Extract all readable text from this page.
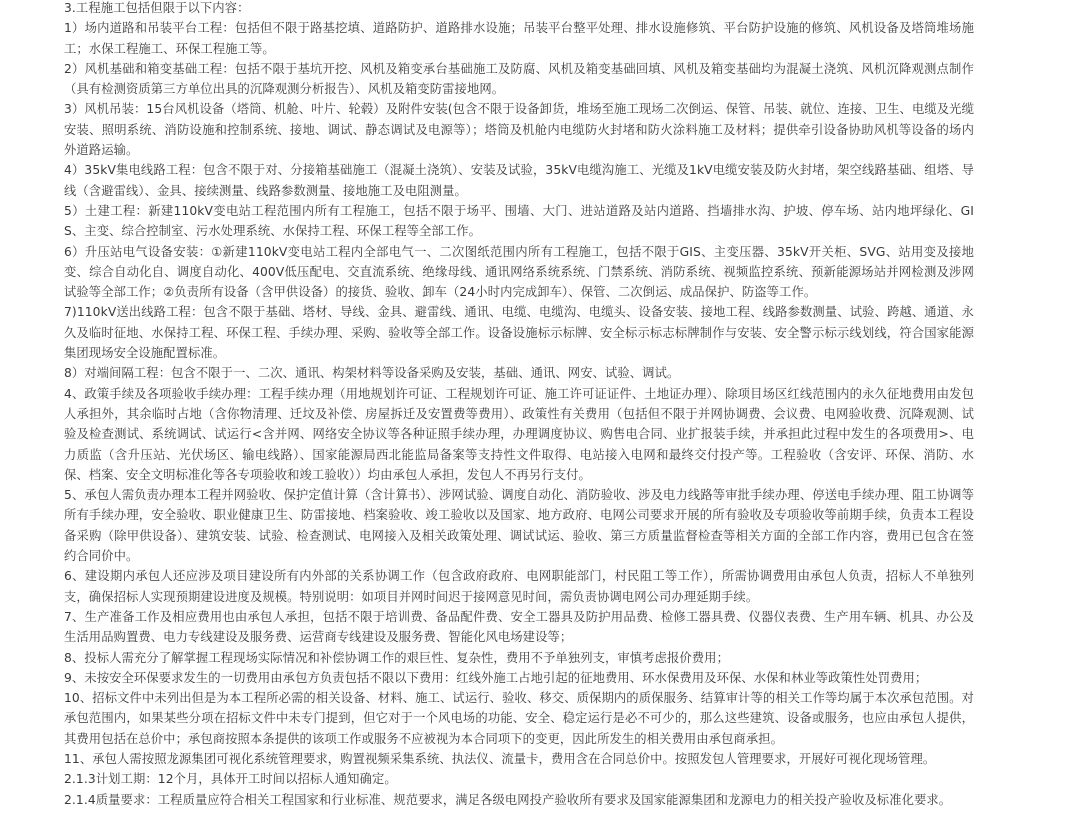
3.工程施工包括但限于以下内容：

1）场内道路和吊装平台工程：包括但不限于路基挖填、道路防护、道路排水设施；吊装平台整平处理、排水设施修筑、平台防护设施的修筑、风机设备及塔筒堆场施工；水保工程施工、环保工程施工等。

2）风机基础和箱变基础工程：包括不限于基坑开挖、风机及箱变承台基础施工及防腐、风机及箱变基础回填、风机及箱变基础均为混凝土浇筑、风机沉降观测点制作（具有检测资质第三方单位出具的沉降观测分析报告）、风机及箱变防雷接地网。

3）风机吊装：15台风机设备（塔筒、机舱、叶片、轮毂）及附件安装(包含不限于设备卸货，堆场至施工现场二次倒运、保管、吊装、就位、连接、卫生、电缆及光缆安装、照明系统、消防设施和控制系统、接地、调试、静态调试及电源等）；塔筒及机舱内电缆防火封堵和防火涂料施工及材料；提供牵引设备协助风机等设备的场内外道路运输。

4）35kV集电线路工程：包含不限于对、分接箱基础施工（混凝土浇筑）、安装及试验，35kV电缆沟施工、光缆及1kV电缆安装及防火封堵，架空线路基础、组塔、导线（含避雷线）、金具、接续测量、线路参数测量、接地施工及电阻测量。

5）土建工程：新建110kV变电站工程范围内所有工程施工，包括不限于场平、围墙、大门、进站道路及站内道路、挡墙排水沟、护坡、停车场、站内地坪绿化、GIS、主变、综合控制室、污水处理系统、水保持工程、环保工程等全部工作。

6）升压站电气设备安装：①新建110kV变电站工程内全部电气一、二次图纸范围内所有工程施工，包括不限于GIS、主变压器、35kV开关柜、SVG、站用变及接地变、综合自动化自、调度自动化、400V低压配电、交直流系统、绝缘母线、通讯网络系统系统、门禁系统、消防系统、视频监控系统、预新能源场站并网检测及涉网试验等全部工作；②负责所有设备（含甲供设备）的接货、验收、卸车（24小时内完成卸车）、保管、二次倒运、成品保护、防盗等工作。

7)110kV送出线路工程：包含不限于基础、塔材、导线、金具、避雷线、通讯、电缆、电缆沟、电缆头、设备安装、接地工程、线路参数测量、试验、跨越、通道、永久及临时征地、水保持工程、环保工程、手续办理、采购、验收等全部工作。设备设施标示标牌、安全标示标志标牌制作与安装、安全警示标示线划线，符合国家能源集团现场安全设施配置标准。

8）对端间隔工程：包含不限于一、二次、通讯、构架材料等设备采购及安装，基础、通讯、网安、试验、调试。

4、政策手续及各项验收手续办理：工程手续办理（用地规划许可证、工程规划许可证、施工许可证证件、土地证办理）、除项目场区红线范围内的永久征地费用由发包人承担外，其余临时占地（含你物清理、迁坟及补偿、房屋拆迁及安置费等费用）、政策性有关费用（包括但不限于并网协调费、会议费、电网验收费、沉降观测、试验及检查测试、系统调试、试运行<含并网、网络安全协议等各种证照手续办理，办理调度协议、购售电合同、业扩报装手续，并承担此过程中发生的各项费用>、电力质监（含升压站、光伏场区、输电线路）、国家能源局西北能监局备案等支持性文件取得、电站接入电网和最终交付投产等。工程验收（含安评、环保、消防、水保、档案、安全文明标准化等各专项验收和竣工验收））均由承包人承担，发包人不再另行支付。

5、承包人需负责办理本工程并网验收、保护定值计算（含计算书）、涉网试验、调度自动化、消防验收、涉及电力线路等审批手续办理、停送电手续办理、阻工协调等所有手续办理，安全验收、职业健康卫生、防雷接地、档案验收、竣工验收以及国家、地方政府、电网公司要求开展的所有验收及专项验收等前期手续，负责本工程设备采购（除甲供设备）、建筑安装、试验、检查测试、电网接入及相关政策处理、调试试运、验收、第三方质量监督检查等相关方面的全部工作内容，费用已包含在签约合同价中。

6、建设期内承包人还应涉及项目建设所有内外部的关系协调工作（包含政府政府、电网职能部门，村民阻工等工作），所需协调费用由承包人负责，招标人不单独列支，确保招标人实现预期建设进度及规模。特别说明：如项目并网时间迟于接网意见时间，需负责协调电网公司办理延期手续。

7、生产准备工作及相应费用也由承包人承担，包括不限于培训费、备品配件费、安全工器具及防护用品费、检修工器具费、仪器仪表费、生产用车辆、机具、办公及生活用品购置费、电力专线建设及服务费、运营商专线建设及服务费、智能化风电场建设等；

8、投标人需充分了解掌握工程现场实际情况和补偿协调工作的艰巨性、复杂性，费用不予单独列支，审慎考虑报价费用；

9、未按安全环保要求发生的一切费用由承包方负责包括不限以下费用：红线外施工占地引起的征地费用、环水保费用及环保、水保和林业等政策性处罚费用；

10、招标文件中未列出但是为本工程所必需的相关设备、材料、施工、试运行、验收、移交、质保期内的质保服务、结算审计等的相关工作等均属于本次承包范围。对承包范围内，如果某些分项在招标文件中未专门提到，但它对于一个风电场的功能、安全、稳定运行是必不可少的，那么这些建筑、设备或服务，也应由承包人提供，其费用包括在总价中；承包商按照本条提供的该项工作或服务不应被视为本合同项下的变更，因此所发生的相关费用由承包商承担。

11、承包人需按照龙源集团可视化系统管理要求，购置视频采集系统、执法仪、流量卡，费用含在合同总价中。按照发包人管理要求，开展好可视化现场管理。

2.1.3计划工期：12个月，具体开工时间以招标人通知确定。

2.1.4质量要求：工程质量应符合相关工程国家和行业标准、规范要求，满足各级电网投产验收所有要求及国家能源集团和龙源电力的相关投产验收及标准化要求。
